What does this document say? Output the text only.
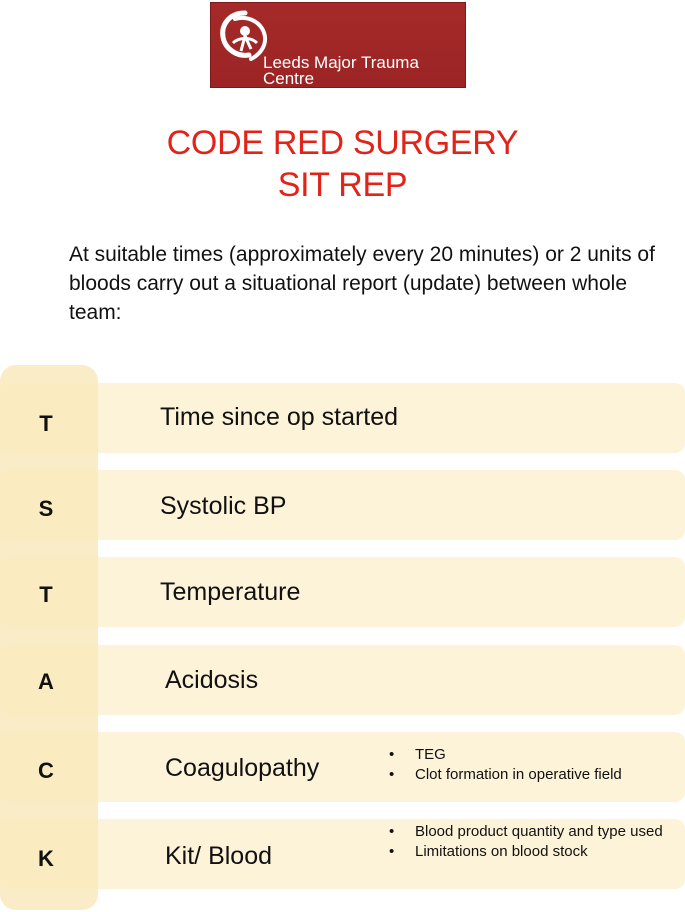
Leeds Major Trauma
Centre
CODE RED SURGERY
SIT REP
At suitable times (approximately every 20 minutes) or 2 units of bloods carry out a situational report (update) between whole team:
T
S
T
A
C
K
Time since op started
Systolic BP
Temperature
Acidosis
Coagulopathy
Kit/ Blood
• TEG
• Clot formation in operative field
• Blood product quantity and type used
• Limitations on blood stock
